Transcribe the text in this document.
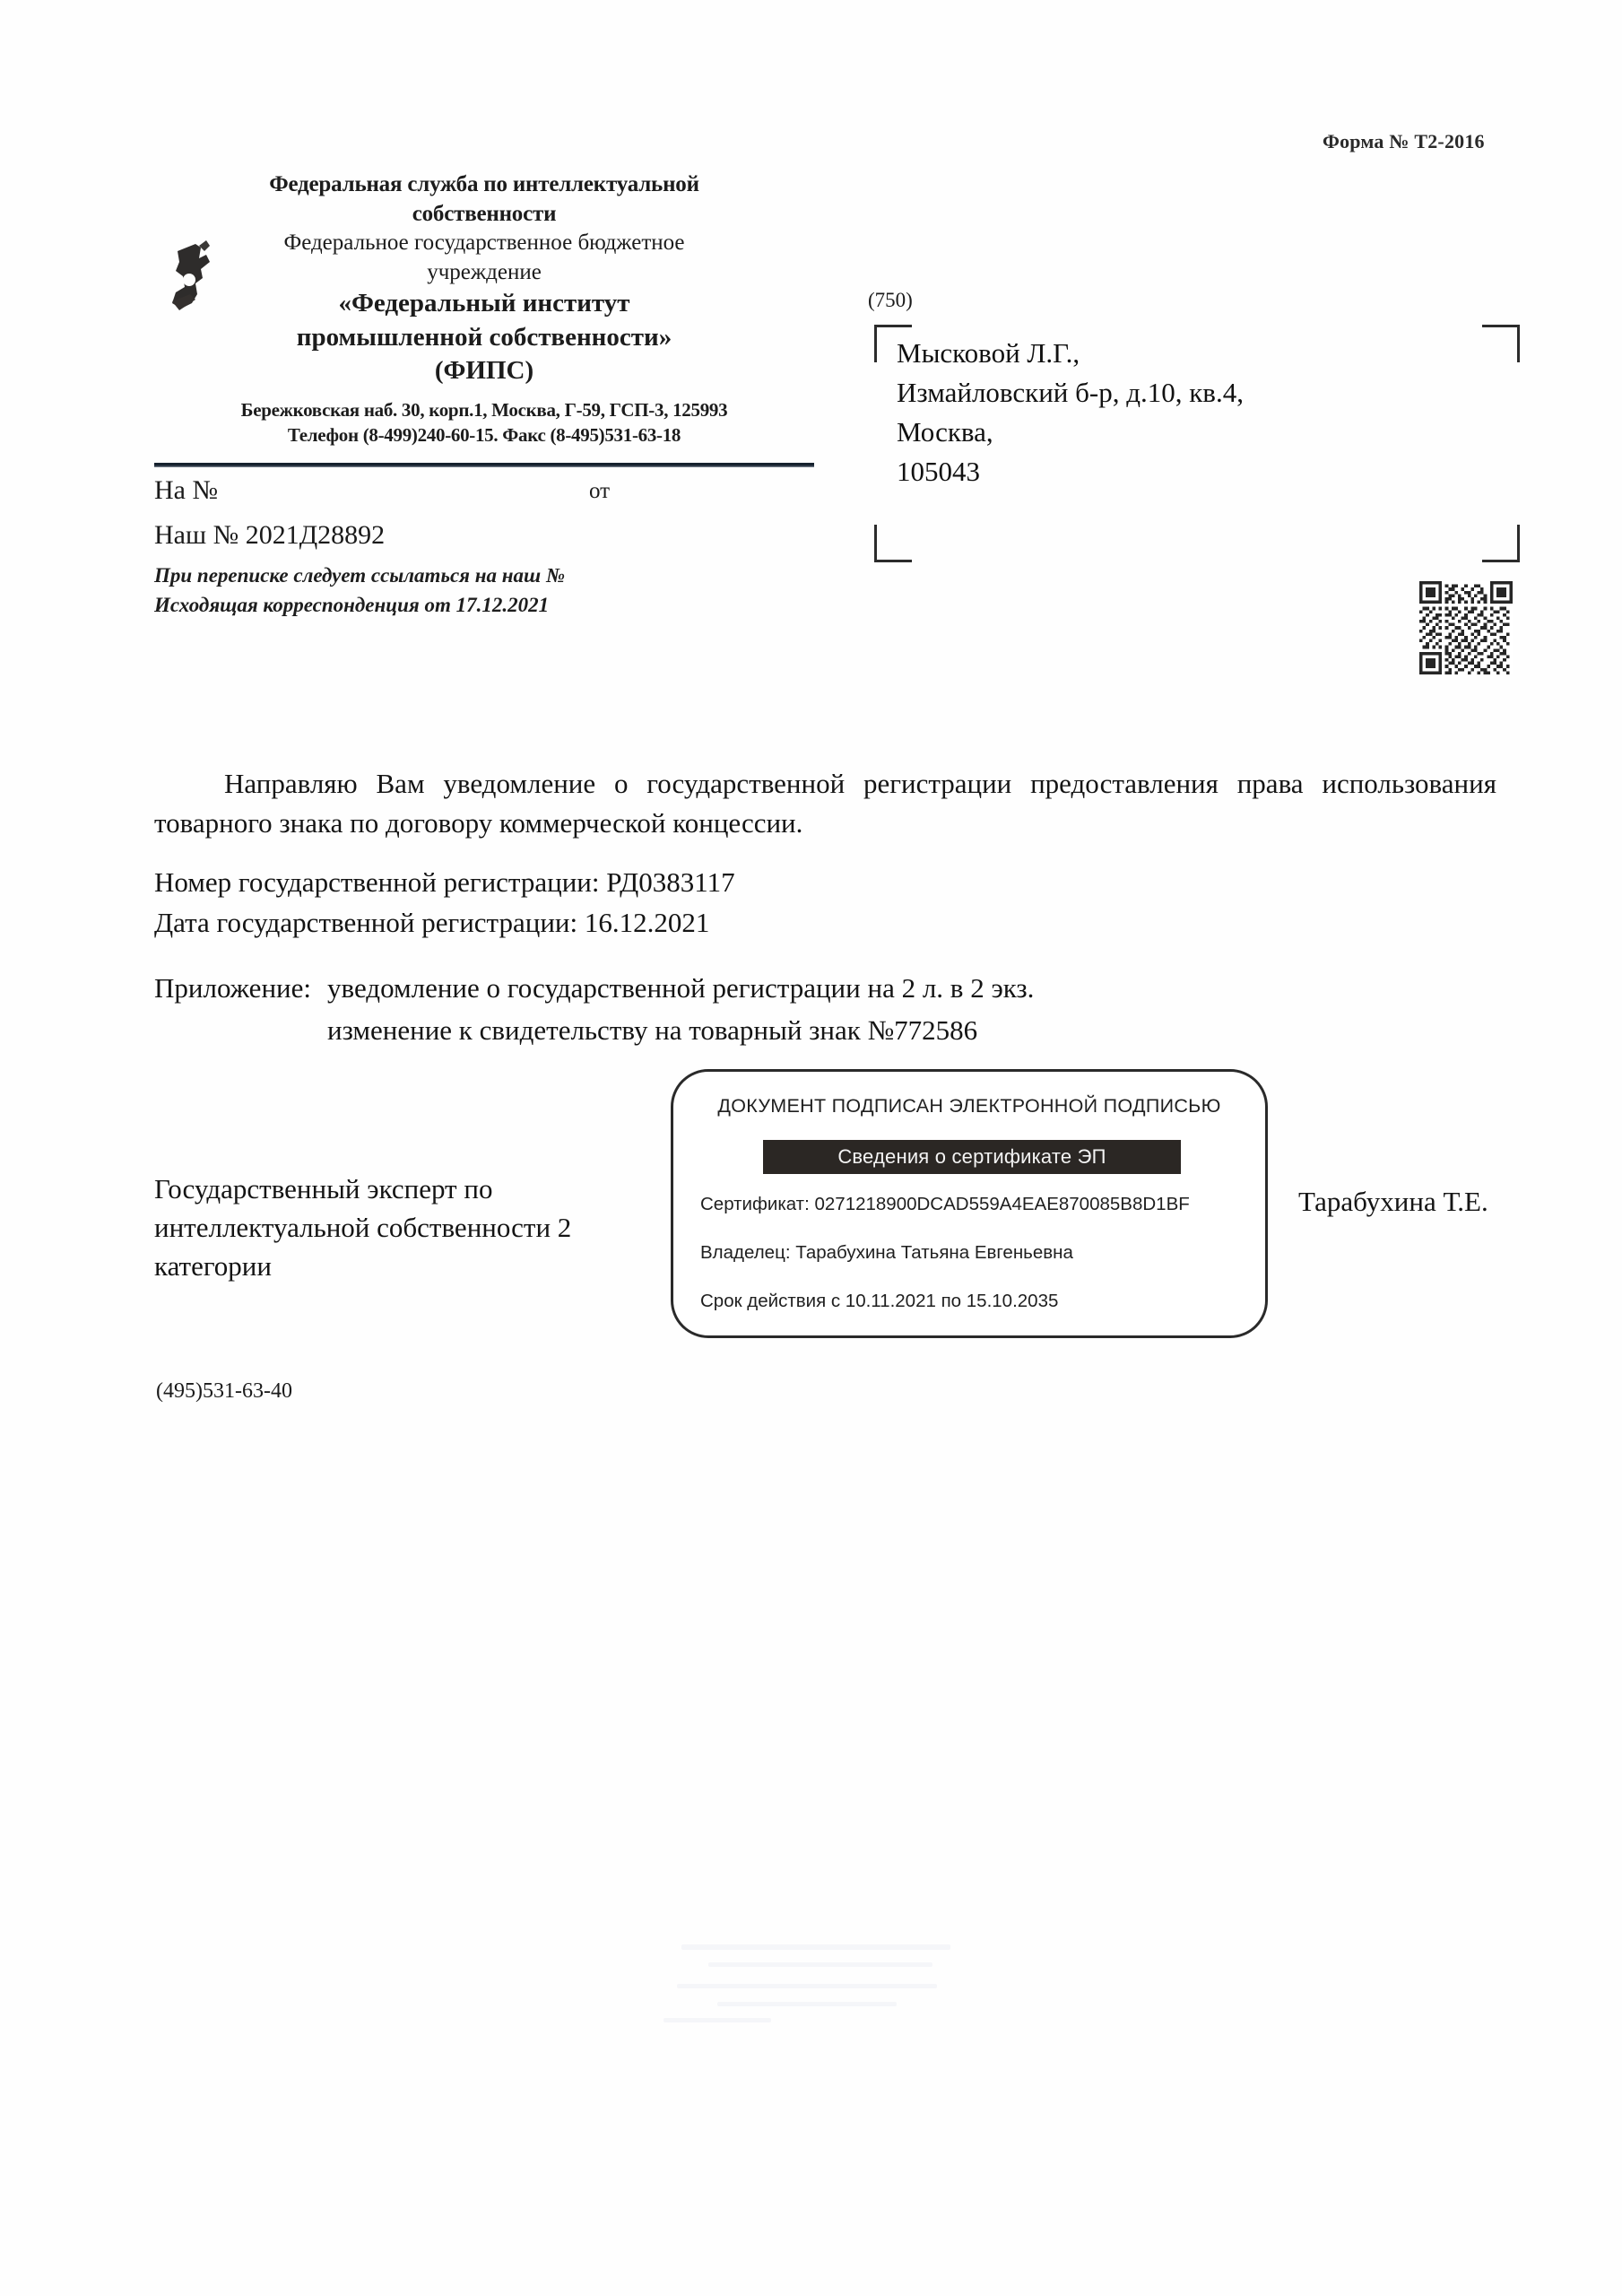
Форма № Т2-2016
Федеральная служба по интеллектуальной
собственности
Федеральное государственное бюджетное
учреждение
«Федеральный институт
промышленной собственности»
(ФИПС)
Бережковская наб. 30, корп.1, Москва, Г-59, ГСП-3, 125993
Телефон (8-499)240-60-15. Факс (8-495)531-63-18
На №	от
Наш № 2021Д28892
При переписке следует ссылаться на наш №
Исходящая корреспонденция от 17.12.2021
(750)
Мысковой Л.Г.,
Измайловский б-р, д.10, кв.4,
Москва,
105043
Направляю Вам уведомление о государственной регистрации предоставления права использования товарного знака по договору коммерческой концессии.
Номер государственной регистрации: РД0383117
Дата государственной регистрации: 16.12.2021
Приложение: уведомление о государственной регистрации на 2 л. в 2 экз.
изменение к свидетельству на товарный знак №772586
Государственный эксперт по
интеллектуальной собственности 2
категории
Тарабухина Т.Е.
ДОКУМЕНТ ПОДПИСАН ЭЛЕКТРОННОЙ ПОДПИСЬЮ
Сведения о сертификате ЭП
Сертификат: 0271218900DCAD559A4EAE870085B8D1BF
Владелец: Тарабухина Татьяна Евгеньевна
Срок действия с 10.11.2021 по 15.10.2035
(495)531-63-40
